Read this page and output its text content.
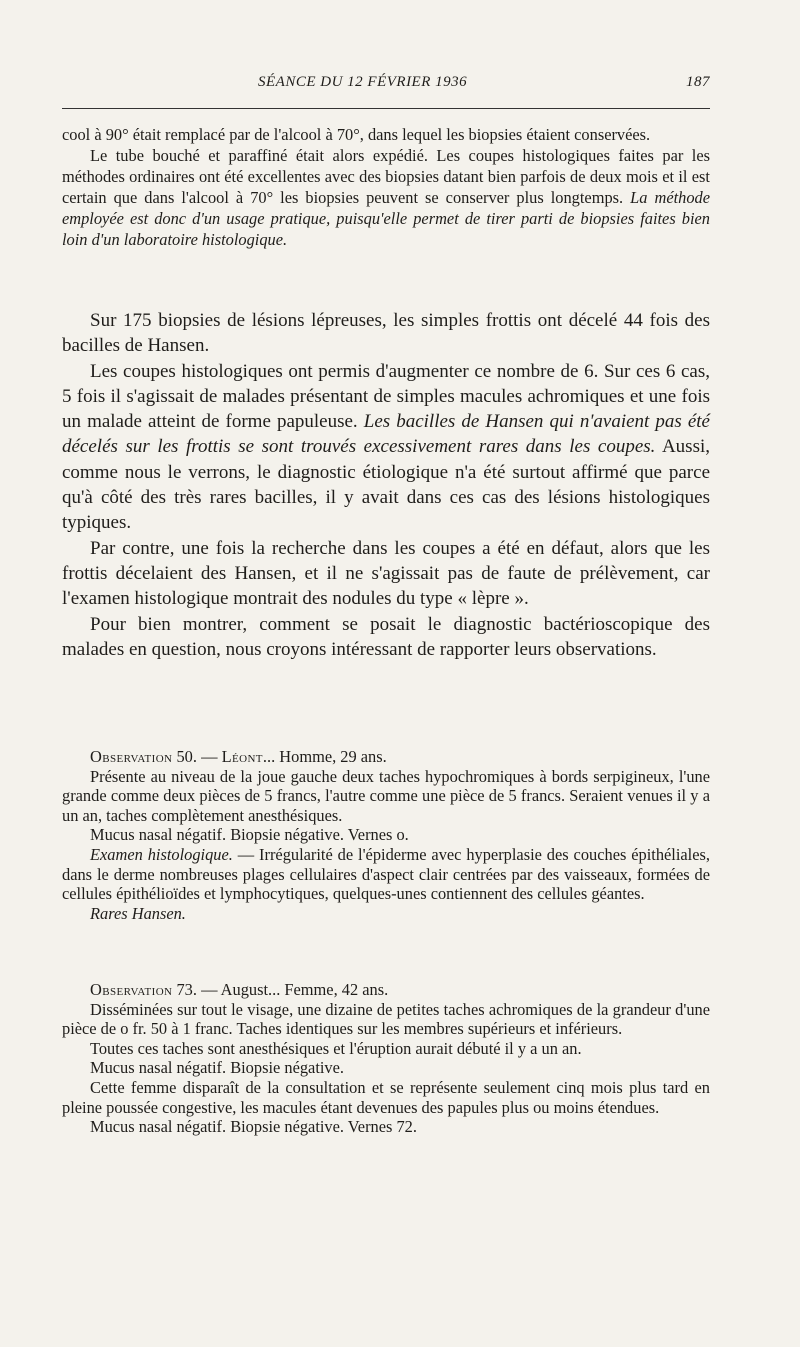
SÉANCE DU 12 FÉVRIER 1936	187

cool à 90° était remplacé par de l'alcool à 70°, dans lequel les biopsies étaient conservées.

Le tube bouché et paraffiné était alors expédié. Les coupes histologiques faites par les méthodes ordinaires ont été excellentes avec des biopsies datant bien parfois de deux mois et il est certain que dans l'alcool à 70° les biopsies peuvent se conserver plus longtemps. La méthode employée est donc d'un usage pratique, puisqu'elle permet de tirer parti de biopsies faites bien loin d'un laboratoire histologique.

Sur 175 biopsies de lésions lépreuses, les simples frottis ont décelé 44 fois des bacilles de Hansen.

Les coupes histologiques ont permis d'augmenter ce nombre de 6. Sur ces 6 cas, 5 fois il s'agissait de malades présentant de simples macules achromiques et une fois un malade atteint de forme papuleuse. Les bacilles de Hansen qui n'avaient pas été décelés sur les frottis se sont trouvés excessivement rares dans les coupes. Aussi, comme nous le verrons, le diagnostic étiologique n'a été surtout affirmé que parce qu'à côté des très rares bacilles, il y avait dans ces cas des lésions histologiques typiques.

Par contre, une fois la recherche dans les coupes a été en défaut, alors que les frottis décelaient des Hansen, et il ne s'agissait pas de faute de prélèvement, car l'examen histologique montrait des nodules du type « lèpre ».

Pour bien montrer, comment se posait le diagnostic bactérioscopique des malades en question, nous croyons intéressant de rapporter leurs observations.

Observation 50. — Léont... Homme, 29 ans.

Présente au niveau de la joue gauche deux taches hypochromiques à bords serpigineux, l'une grande comme deux pièces de 5 francs, l'autre comme une pièce de 5 francs. Seraient venues il y a un an, taches complètement anesthésiques.

Mucus nasal négatif. Biopsie négative. Vernes o.

Examen histologique. — Irrégularité de l'épiderme avec hyperplasie des couches épithéliales, dans le derme nombreuses plages cellulaires d'aspect clair centrées par des vaisseaux, formées de cellules épithélioïdes et lymphocytiques, quelques-unes contiennent des cellules géantes.

Rares Hansen.

Observation 73. — August... Femme, 42 ans.

Disséminées sur tout le visage, une dizaine de petites taches achromiques de la grandeur d'une pièce de o fr. 50 à 1 franc. Taches identiques sur les membres supérieurs et inférieurs.

Toutes ces taches sont anesthésiques et l'éruption aurait débuté il y a un an.

Mucus nasal négatif. Biopsie négative.

Cette femme disparaît de la consultation et se représente seulement cinq mois plus tard en pleine poussée congestive, les macules étant devenues des papules plus ou moins étendues.

Mucus nasal négatif. Biopsie négative. Vernes 72.
